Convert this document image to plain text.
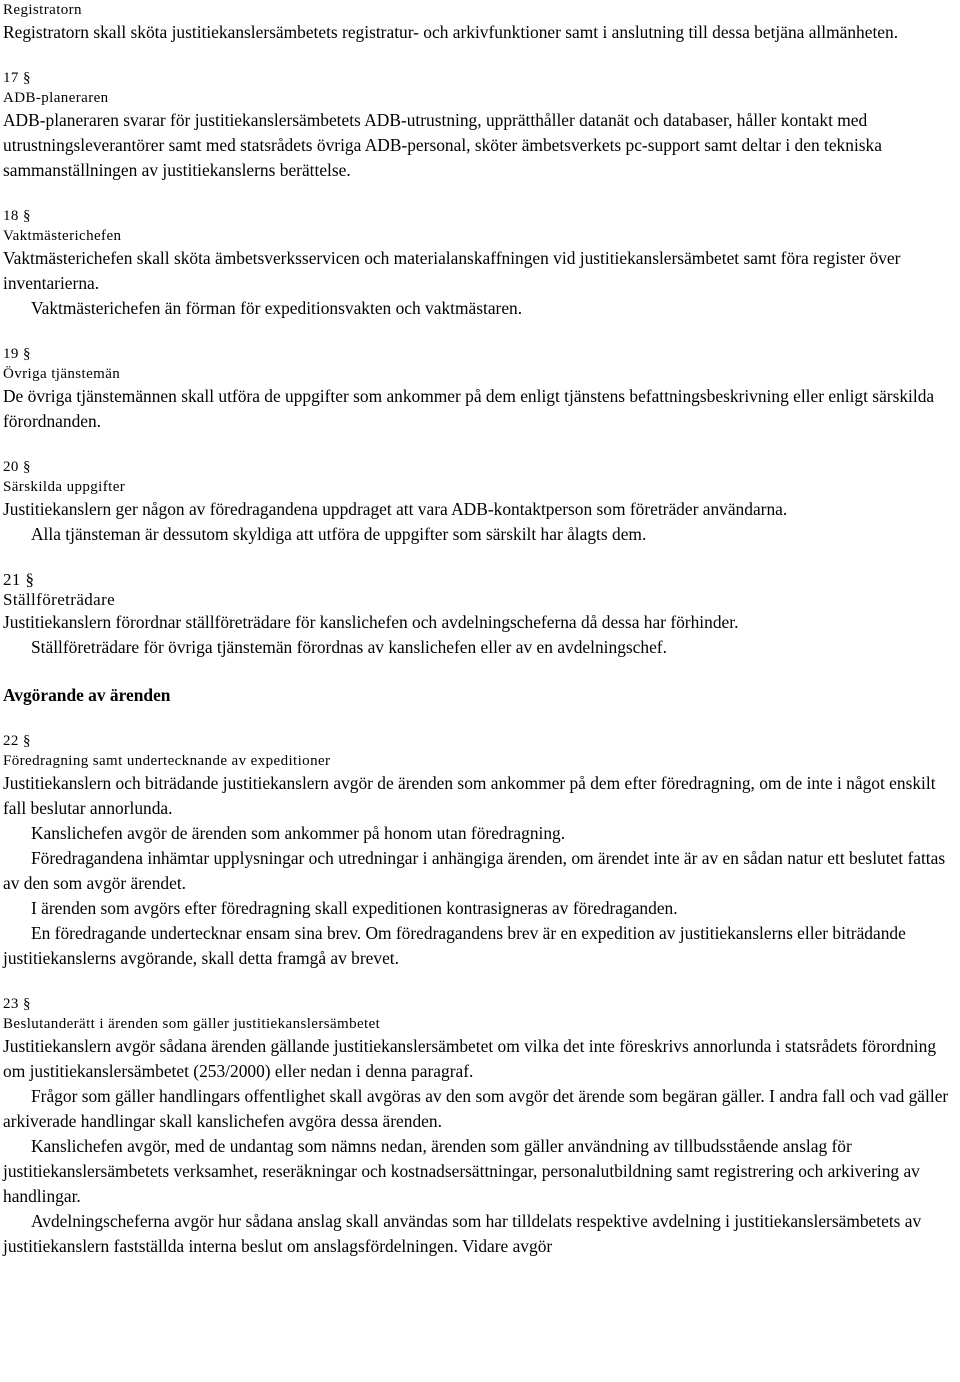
Registratorn

Registratorn skall sköta justitiekanslersämbetets registratur- och arkivfunktioner samt i anslutning till dessa betjäna allmänheten.

17 §
ADB-planeraren

ADB-planeraren svarar för justitiekanslersämbetets ADB-utrustning, upprätthåller datanät och databaser, håller kontakt med utrustningsleverantörer samt med statsrådets övriga ADB-personal, sköter ämbetsverkets pc-support samt deltar i den tekniska sammanställningen av justitiekanslerns berättelse.

18 §
Vaktmästerichefen

Vaktmästerichefen skall sköta ämbetsverksservicen och materialanskaffningen vid justitiekanslersämbetet samt föra register över inventarierna.

Vaktmästerichefen än förman för expeditionsvakten och vaktmästaren.

19 §
Övriga tjänstemän

De övriga tjänstemännen skall utföra de uppgifter som ankommer på dem enligt tjänstens befattningsbeskrivning eller enligt särskilda förordnanden.

20 §
Särskilda uppgifter

Justitiekanslern ger någon av föredragandena uppdraget att vara ADB-kontaktperson som företräder användarna.

Alla tjänsteman är dessutom skyldiga att utföra de uppgifter som särskilt har ålagts dem.

21 §
Ställföreträdare

Justitiekanslern förordnar ställföreträdare för kanslichefen och avdelningscheferna då dessa har förhinder.

Ställföreträdare för övriga tjänstemän förordnas av kanslichefen eller av en avdelningschef.

Avgörande av ärenden
22 §
Föredragning samt undertecknande av expeditioner

Justitiekanslern och biträdande justitiekanslern avgör de ärenden som ankommer på dem efter föredragning, om de inte i något enskilt fall beslutar annorlunda.

Kanslichefen avgör de ärenden som ankommer på honom utan föredragning.

Föredragandena inhämtar upplysningar och utredningar i anhängiga ärenden, om ärendet inte är av en sådan natur ett beslutet fattas av den som avgör ärendet.

I ärenden som avgörs efter föredragning skall expeditionen kontrasigneras av föredraganden.

En föredragande undertecknar ensam sina brev. Om föredragandens brev är en expedition av justitiekanslerns eller biträdande justitiekanslerns avgörande, skall detta framgå av brevet.

23 §
Beslutanderätt i ärenden som gäller justitiekanslersämbetet

Justitiekanslern avgör sådana ärenden gällande justitiekanslersämbetet om vilka det inte föreskrivs annorlunda i statsrådets förordning om justitiekanslersämbetet (253/2000) eller nedan i denna paragraf.

Frågor som gäller handlingars offentlighet skall avgöras av den som avgör det ärende som begäran gäller. I andra fall och vad gäller arkiverade handlingar skall kanslichefen avgöra dessa ärenden.

Kanslichefen avgör, med de undantag som nämns nedan, ärenden som gäller användning av tillbudsstående anslag för justitiekanslersämbetets verksamhet, reseräkningar och kostnadsersättningar, personalutbildning samt registrering och arkivering av handlingar.

Avdelningscheferna avgör hur sådana anslag skall användas som har tilldelats respektive avdelning i justitiekanslersämbetets av justitiekanslern fastställda interna beslut om anslagsfördelningen. Vidare avgör
